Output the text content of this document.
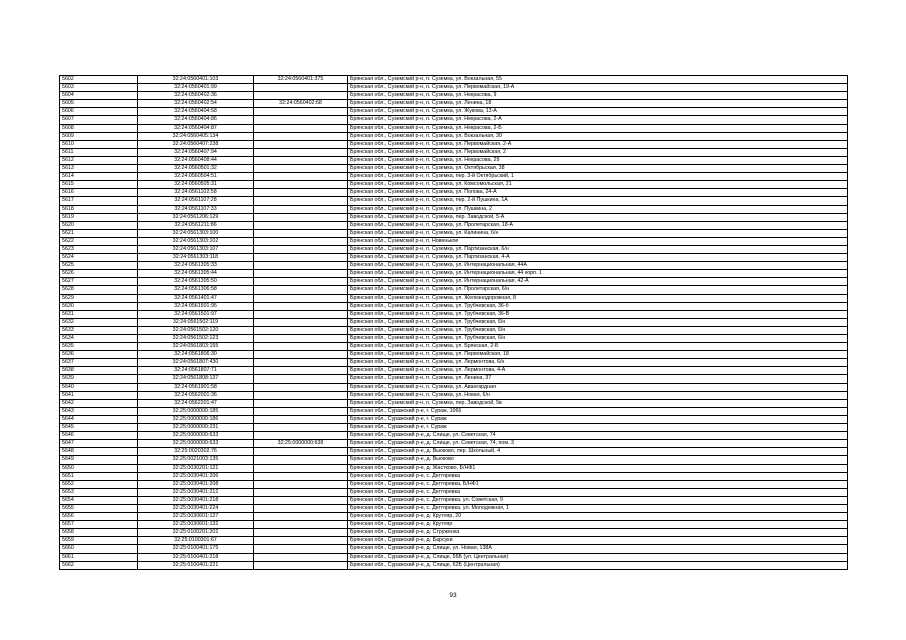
5602	32:24:0560401:103	32:24:0560401:375	Брянская обл., Суземский р-н, п. Суземка, ул. Вокзальная, 55
5603	32:24:0560401:99		Брянская обл., Суземский р-н, п. Суземка, ул. Первомайская, 19-А
5604	32:24:0560402:36		Брянская обл., Суземский р-н, п. Суземка, ул. Некрасова, 9
5605	32:24:0560402:54	32:24:0560402:68	Брянская обл., Суземский р-н, п. Суземка, ул. Ленина, 18
5606	32:24:0560404:58		Брянская обл., Суземский р-н, п. Суземка, ул. Жукова, 13-А
5607	32:24:0560404:86		Брянская обл., Суземский р-н, п. Суземка, ул. Некрасова, 2-А
5608	32:24:0560404:87		Брянская обл., Суземский р-н, п. Суземка, ул. Некрасова, 2-Б
5609	32:24:0560405:134		Брянская обл., Суземский р-н, п. Суземка, ул. Вокзальная, 30
5610	32:24:0560407:238		Брянская обл., Суземский р-н, п. Суземка, ул. Первомайская, 2-А
5611	32:24:0560407:94		Брянская обл., Суземский р-н, п. Суземка, ул. Первомайская, 2
5612	32:24:0560408:44		Брянская обл., Суземский р-н, п. Суземка, ул. Некрасова, 29
5613	32:24:0560501:32		Брянская обл., Суземский р-н, п. Суземка, ул. Октябрьская, 38
5614	32:24:0560504:51		Брянская обл., Суземский р-н, п. Суземка, пер. 3-й Октябрьский, 1
5615	32:24:0560505:31		Брянская обл., Суземский р-н, п. Суземка, ул. Комсомольская, 21
5616	32:24:0561102:58		Брянская обл., Суземский р-н, п. Суземка, ул. Попова, 24-А
5617	32:24:0561107:28		Брянская обл., Суземский р-н, п. Суземка, пер. 2-й Пушкина, 1А
5618	32:24:0561107:33		Брянская обл., Суземский р-н, п. Суземка, ул. Пушкина, 2
5619	32:24:0561206:129		Брянская обл., Суземский р-н, п. Суземка, пер. Заводской, 5-А
5620	32:24:0561211:86		Брянская обл., Суземский р-н, п. Суземка, ул. Пролетарская, 18-А
5621	32:24:0561303:100		Брянская обл., Суземский р-н, п. Суземка, ул. Калинина, 6/н
5622	32:24:0561303:102		Брянская обл., Суземский р-н, п. Новенькое
5623	32:24:0561303:107		Брянская обл., Суземский р-н, п. Суземка, ул. Партизанская, 6/н
5624	32:24:0561303:118		Брянская обл., Суземский р-н, п. Суземка, ул. Партизанская, 4-А
5625	32:24:0561305:33		Брянская обл., Суземский р-н, п. Суземка, ул. Интернациональная, 44А
5626	32:24:0561305:44		Брянская обл., Суземский р-н, п. Суземка, ул. Интернациональная, 44 корп. 1
5627	32:24:0561305:50		Брянская обл., Суземский р-н, п. Суземка, ул. Интернациональная, 42-А
5628	32:24:0561306:58		Брянская обл., Суземский р-н, п. Суземка, ул. Пролетарская, 6/н
5629	32:24:0561401:47		Брянская обл., Суземский р-н, п. Суземка, ул. Железнодорожная, 8
5630	32:24:0561501:95		Брянская обл., Суземский р-н, п. Суземка, ул. Трубчевская, 36-б
5631	32:24:0561501:97		Брянская обл., Суземский р-н, п. Суземка, ул. Трубчевская, 36-В
5632	32:24:0561502:119		Брянская обл., Суземский р-н, п. Суземка, ул. Трубчевская, 6/н
5633	32:24:0561502:120		Брянская обл., Суземский р-н, п. Суземка, ул. Трубчевская, 6/н
5634	32:24:0561502:123		Брянская обл., Суземский р-н, п. Суземка, ул. Трубчевская, 6/н
5635	32:24:0561803:155		Брянская обл., Суземский р-н, п. Суземка, ул. Брянская, 2-Б
5636	32:24:0561806:30		Брянская обл., Суземский р-н, п. Суземка, ул. Первомайская, 18
5637	32:24:0561807:430		Брянская обл., Суземский р-н, п. Суземка, ул. Лермонтова, 6/н
5638	32:24:0561807:71		Брянская обл., Суземский р-н, п. Суземка, ул. Лермонтова, 4-А
5639	32:24:0561808:137		Брянская обл., Суземский р-н, п. Суземка, ул. Ленина, 37
5640	32:24:0561901:58		Брянская обл., Суземский р-н, п. Суземка, ул. Авангардная
5641	32:24:0562001:36		Брянская обл., Суземский р-н, п. Суземка, ул. Новая, 6/н
5642	32:24:0562201:47		Брянская обл., Суземский р-н, п. Суземка, пер. Заводской, 5в
5643	32:25:0000000:185		Брянская обл., Суражский р-н, г. Сураж, 1066
5644	32:25:0000000:186		Брянская обл., Суражский р-н, г. Сураж
5645	32:25:0000000:231		Брянская обл., Суражский р-н, г. Сураж
5646	32:25:0000000:633		Брянская обл., Суражский р-н, д. Слище, ул. Советская, 74
5647	32:25:0000000:633	32:25:0000000:638	Брянская обл., Суражский р-н, д. Слище, ул. Советская, 74, пом. 3
5648	32:25:0020302:76		Брянская обл., Суражский р-н, д. Вьюково, пер. Школьный, 4
5649	32:25:0021003:135		Брянская обл., Суражский р-н, д. Вьюково
5650	32:25:0030201:121		Брянская обл., Суражский р-н, д. Жастково, Б/НФ1
5651	32:25:0030401:206		Брянская обл., Суражский р-н, с. Дегтяревка
5652	32:25:0030401:208		Брянская обл., Суражский р-н, с. Дегтяревка, Б/НФ1
5653	32:25:0030401:212		Брянская обл., Суражский р-н, с. Дегтяревка
5654	32:25:0030401:218		Брянская обл., Суражский р-н, с. Дегтяревка, ул. Советская, 9
5655	32:25:0030401:224		Брянская обл., Суражский р-н, с. Дегтяревка, ул. Молодежная, 1
5656	32:25:0030601:127		Брянская обл., Суражский р-н, д. Крутояр, 20
5657	32:25:0030601:132		Брянская обл., Суражский р-н, д. Крутояр
5658	32:25:0100201:202		Брянская обл., Суражский р-н, д. Струженка
5659	32:25:0100301:67		Брянская обл., Суражский р-н, д. Барсуки
5660	32:25:0100401:175		Брянская обл., Суражский р-н, д. Слище, ул. Новая, 138А
5661	32:25:0100401:218		Брянская обл., Суражский р-н, д. Слище, 56Б (ул. Центральная)
5662	32:25:0100401:221		Брянская обл., Суражский р-н, д. Слище, 62Б (Центральная)
93
